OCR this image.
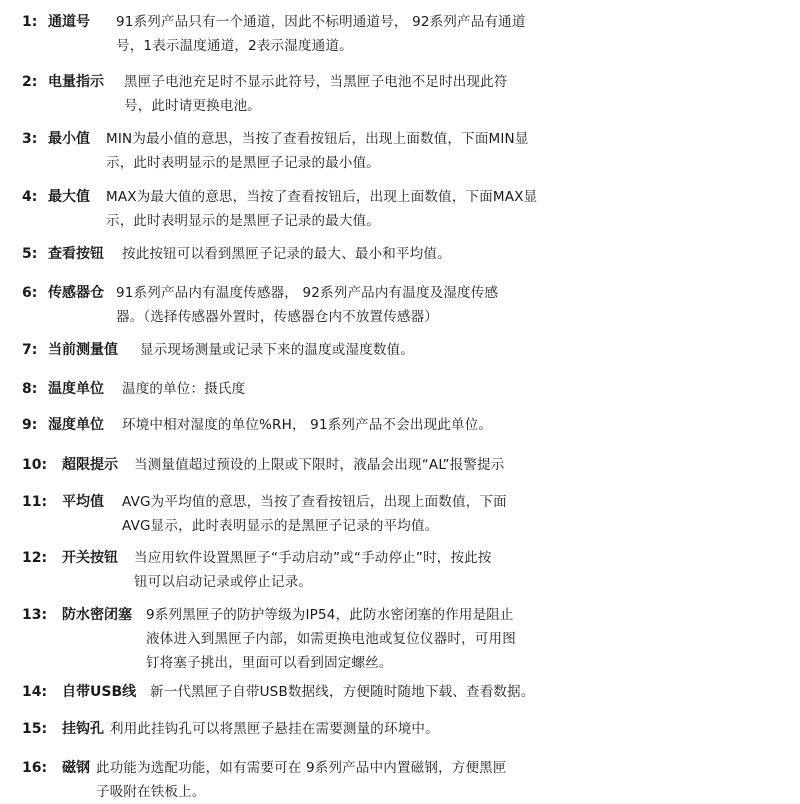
1: 通道号 91系列产品只有一个通道，因此不标明通道号， 92系列产品有通道
号，1表示温度通道，2表示湿度通道。
2: 电量指示 黑匣子电池充足时不显示此符号，当黑匣子电池不足时出现此符
号，此时请更换电池。
3: 最小值 MIN为最小值的意思，当按了查看按钮后，出现上面数值，下面MIN显
示，此时表明显示的是黑匣子记录的最小值。
4: 最大值 MAX为最大值的意思，当按了查看按钮后，出现上面数值，下面MAX显
示，此时表明显示的是黑匣子记录的最大值。
5: 查看按钮 按此按钮可以看到黑匣子记录的最大、最小和平均值。
6: 传感器仓 91系列产品内有温度传感器， 92系列产品内有温度及湿度传感
器。（选择传感器外置时，传感器仓内不放置传感器）
7: 当前测量值 显示现场测量或记录下来的温度或湿度数值。
8: 温度单位 温度的单位：摄氏度
9: 湿度单位 环境中相对湿度的单位%RH， 91系列产品不会出现此单位。
10: 超限提示 当测量值超过预设的上限或下限时，液晶会出现“AL”报警提示
11: 平均值 AVG为平均值的意思，当按了查看按钮后，出现上面数值，下面
AVG显示，此时表明显示的是黑匣子记录的平均值。
12: 开关按钮 当应用软件设置黑匣子“手动启动”或“手动停止”时，按此按
钮可以启动记录或停止记录。
13: 防水密闭塞 9系列黑匣子的防护等级为IP54，此防水密闭塞的作用是阻止
液体进入到黑匣子内部，如需更换电池或复位仪器时，可用图
钉将塞子挑出，里面可以看到固定螺丝。
14: 自带USB线 新一代黑匣子自带USB数据线，方便随时随地下载、查看数据。
15: 挂钩孔 利用此挂钩孔可以将黑匣子悬挂在需要测量的环境中。
16: 磁钢 此功能为选配功能，如有需要可在 9系列产品中内置磁钢，方便黑匣
子吸附在铁板上。
